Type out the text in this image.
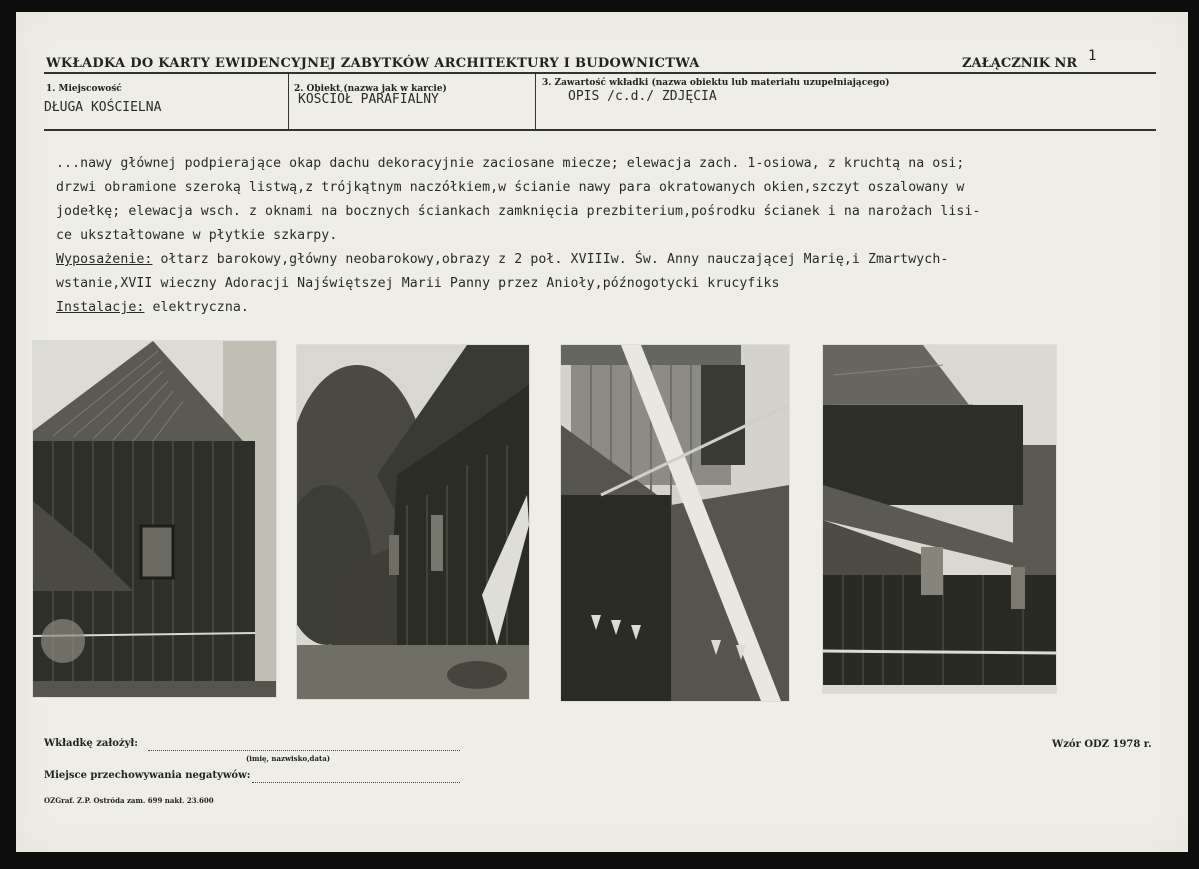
WKŁADKA DO KARTY EWIDENCYJNEJ ZABYTKÓW ARCHITEKTURY I BUDOWNICTWA	ZAŁĄCZNIK NR 1
1. Miejscowość
DŁUGA KOŚCIELNA
2. Obiekt (nazwa jak w karcie)
KOŚCIÓŁ PARAFIALNY
3. Zawartość wkładki (nazwa obiektu lub materiału uzupełniającego)
OPIS /c.d./ ZDJĘCIA
...nawy głównej podpierające okap dachu dekoracyjnie zaciosane miecze; elewacja zach. 1-osiowa, z kruchtą na osi;
drzwi obramione szeroką listwą,z trójkątnym naczółkiem,w ścianie nawy para okratowanych okien,szczyt oszalowany w
jodełkę; elewacja wsch. z oknami na bocznych ściankach zamknięcia prezbiterium,pośrodku ścianek i na narożach lisi-
ce ukształtowane w płytkie szkarpy.
Wyposażenie: ołtarz barokowy,główny neobarokowy,obrazy z 2 poł. XVIIIw. Św. Anny nauczającej Marię,i Zmartwych-
wstanie,XVII wieczny Adoracji Najświętszej Marii Panny przez Anioły,późnogotycki krucyfiks
Instalacje: elektryczna.
Wkładkę założył:
(imię, nazwisko,data)
Miejsce przechowywania negatywów:
OZGraf. Z.P. Ostróda zam. 699 nakł. 23.600
Wzór ODZ 1978 r.
